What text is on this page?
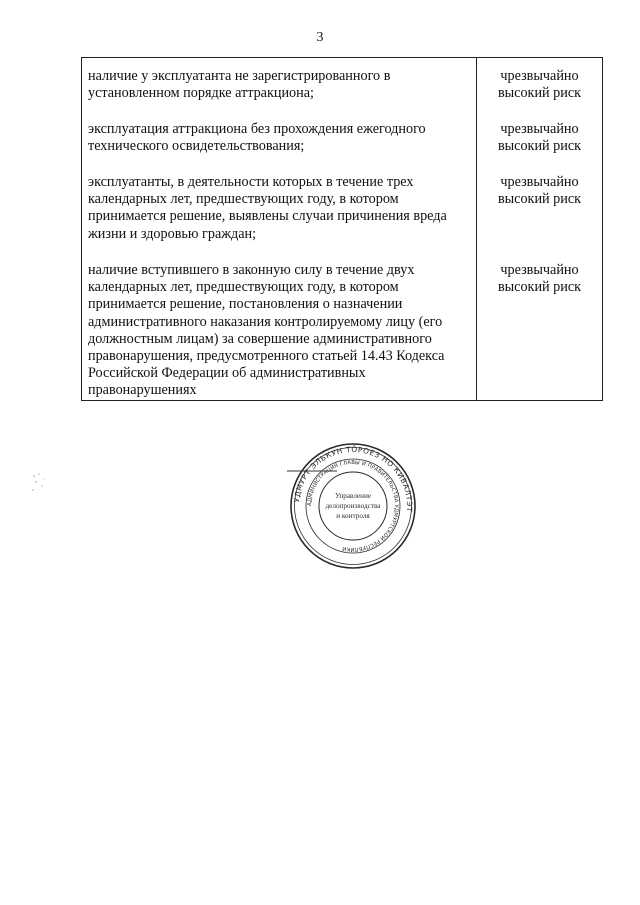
3
наличие у эксплуатанта не зарегистрированного в установленном порядке аттракциона;	чрезвычайно высокий риск
эксплуатация аттракциона без прохождения ежегодного технического освидетельствования;	чрезвычайно высокий риск
эксплуатанты, в деятельности которых в течение трех календарных лет, предшествующих году, в котором принимается решение, выявлены случаи причинения вреда жизни и здоровью граждан;	чрезвычайно высокий риск
наличие вступившего в законную силу в течение двух календарных лет, предшествующих году, в котором принимается решение, постановления о назначении административного наказания контролируемому лицу (его должностным лицам) за совершение административного правонарушения, предусмотренного статьей 14.43 Кодекса Российской Федерации об административных правонарушениях	чрезвычайно высокий риск
УДМУРТ ЭЛЬКУН ТӦРОЕЗ НО КИВАЛТЭТ
АДМИНИСТРАЦИЯ ГЛАВЫ И ПРАВИТЕЛЬСТВА УДМУРТСКОЙ РЕСПУБЛИКИ
Управление
делопроизводства
и контроля
